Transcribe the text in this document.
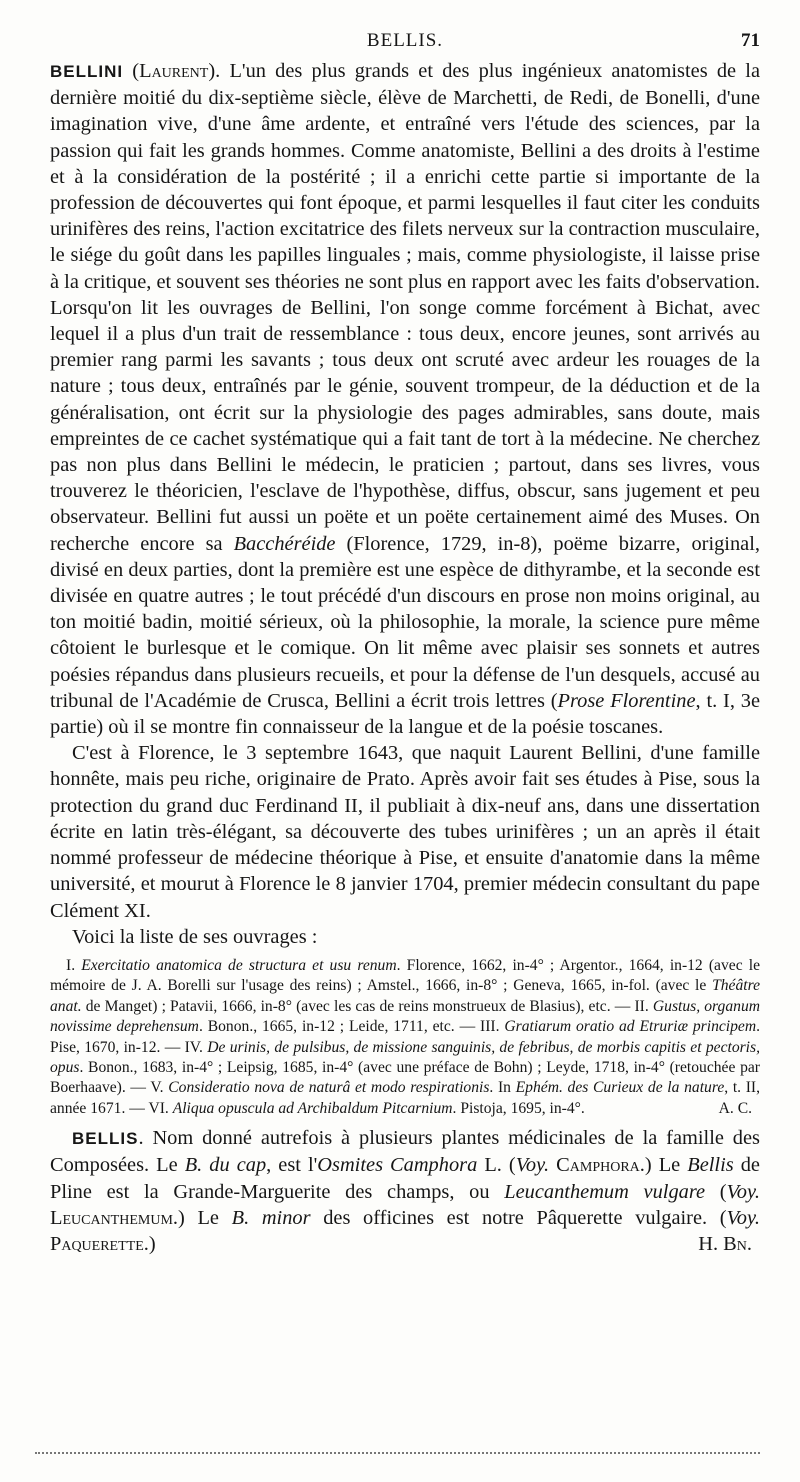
BELLIS.	71

BELLINI (Laurent). L'un des plus grands et des plus ingénieux anatomistes de la dernière moitié du dix-septième siècle, élève de Marchetti, de Redi, de Bonelli, d'une imagination vive, d'une âme ardente, et entraîné vers l'étude des sciences, par la passion qui fait les grands hommes. Comme anatomiste, Bellini a des droits à l'estime et à la considération de la postérité ; il a enrichi cette partie si importante de la profession de découvertes qui font époque, et parmi lesquelles il faut citer les conduits urinifères des reins, l'action excitatrice des filets nerveux sur la contraction musculaire, le siége du goût dans les papilles linguales ; mais, comme physiologiste, il laisse prise à la critique, et souvent ses théories ne sont plus en rapport avec les faits d'observation. Lorsqu'on lit les ouvrages de Bellini, l'on songe comme forcément à Bichat, avec lequel il a plus d'un trait de ressemblance : tous deux, encore jeunes, sont arrivés au premier rang parmi les savants ; tous deux ont scruté avec ardeur les rouages de la nature ; tous deux, entraînés par le génie, souvent trompeur, de la déduction et de la généralisation, ont écrit sur la physiologie des pages admirables, sans doute, mais empreintes de ce cachet systématique qui a fait tant de tort à la médecine. Ne cherchez pas non plus dans Bellini le médecin, le praticien ; partout, dans ses livres, vous trouverez le théoricien, l'esclave de l'hypothèse, diffus, obscur, sans jugement et peu observateur. Bellini fut aussi un poëte et un poëte certainement aimé des Muses. On recherche encore sa Bacchéréide (Florence, 1729, in-8), poëme bizarre, original, divisé en deux parties, dont la première est une espèce de dithyrambe, et la seconde est divisée en quatre autres ; le tout précédé d'un discours en prose non moins original, au ton moitié badin, moitié sérieux, où la philosophie, la morale, la science pure même côtoient le burlesque et le comique. On lit même avec plaisir ses sonnets et autres poésies répandus dans plusieurs recueils, et pour la défense de l'un desquels, accusé au tribunal de l'Académie de Crusca, Bellini a écrit trois lettres (Prose Florentine, t. I, 3e partie) où il se montre fin connaisseur de la langue et de la poésie toscanes.

C'est à Florence, le 3 septembre 1643, que naquit Laurent Bellini, d'une famille honnête, mais peu riche, originaire de Prato. Après avoir fait ses études à Pise, sous la protection du grand duc Ferdinand II, il publiait à dix-neuf ans, dans une dissertation écrite en latin très-élégant, sa découverte des tubes urinifères ; un an après il était nommé professeur de médecine théorique à Pise, et ensuite d'anatomie dans la même université, et mourut à Florence le 8 janvier 1704, premier médecin consultant du pape Clément XI.

Voici la liste de ses ouvrages :

I. Exercitatio anatomica de structura et usu renum. Florence, 1662, in-4° ; Argentor., 1664, in-12 (avec le mémoire de J. A. Borelli sur l'usage des reins) ; Amstel., 1666, in-8° ; Geneva, 1665, in-fol. (avec le Théâtre anat. de Manget) ; Patavii, 1666, in-8° (avec les cas de reins monstrueux de Blasius), etc. — II. Gustus, organum novissime deprehensum. Bonon., 1665, in-12 ; Leide, 1711, etc. — III. Gratiarum oratio ad Etruriæ principem. Pise, 1670, in-12. — IV. De urinis, de pulsibus, de missione sanguinis, de febribus, de morbis capitis et pectoris, opus. Bonon., 1683, in-4° ; Leipsig, 1685, in-4° (avec une préface de Bohn) ; Leyde, 1718, in-4° (retouchée par Boerhaave). — V. Consideratio nova de naturâ et modo respirationis. In Ephém. des Curieux de la nature, t. II, année 1671. — VI. Aliqua opuscula ad Archibaldum Pitcarnium. Pistoja, 1695, in-4°.	A. C.

BELLIS. Nom donné autrefois à plusieurs plantes médicinales de la famille des Composées. Le B. du cap, est l'Osmites Camphora L. (Voy. Camphora.) Le Bellis de Pline est la Grande-Marguerite des champs, ou Leucanthemum vulgare (Voy. Leucanthemum.) Le B. minor des officines est notre Pâquerette vulgaire. (Voy. Paquerette.)	H. Bn.
